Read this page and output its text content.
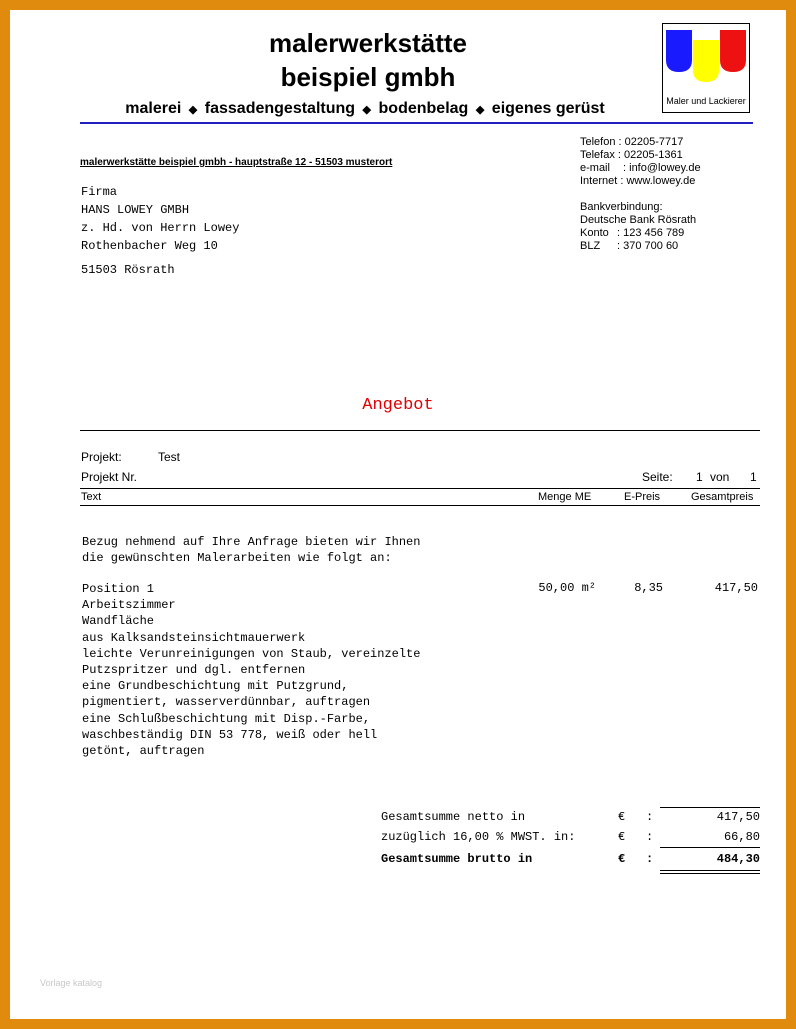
malerwerkstätte
beispiel gmbh
malerei  ◆  fassadengestaltung  ◆  bodenbelag  ◆  eigenes gerüst	Maler und Lackierer
malerwerkstätte beispiel gmbh - hauptstraße 12 - 51503 musterort
Telefon : 02205-7717
Telefax : 02205-1361
e-mail : info@lowey.de
Internet : www.lowey.de
Bankverbindung:
Deutsche Bank Rösrath
Konto : 123 456 789
BLZ : 370 700 60
Firma
HANS LOWEY GMBH
z. Hd. von Herrn Lowey
Rothenbacher Weg 10
51503 Rösrath
Angebot
Projekt:	Test
Projekt Nr.	Seite: 1 von 1
Text	Menge ME	E-Preis	Gesamtpreis
Bezug nehmend auf Ihre Anfrage bieten wir Ihnen
die gewünschten Malerarbeiten wie folgt an:
Position 1
Arbeitszimmer
Wandfläche
aus Kalksandsteinsichtmauerwerk
leichte Verunreinigungen von Staub, vereinzelte
Putzspritzer und dgl. entfernen
eine Grundbeschichtung mit Putzgrund,
pigmentiert, wasserverdünnbar, auftragen
eine Schlußbeschichtung mit Disp.-Farbe,
waschbeständig DIN 53 778, weiß oder hell
getönt, auftragen
50,00 m²	8,35	417,50
Gesamtsumme netto in	€ :	417,50
zuzüglich 16,00 % MWST. in:	€ :	66,80
Gesamtsumme brutto in	€ :	484,30
Vorlage katalog
